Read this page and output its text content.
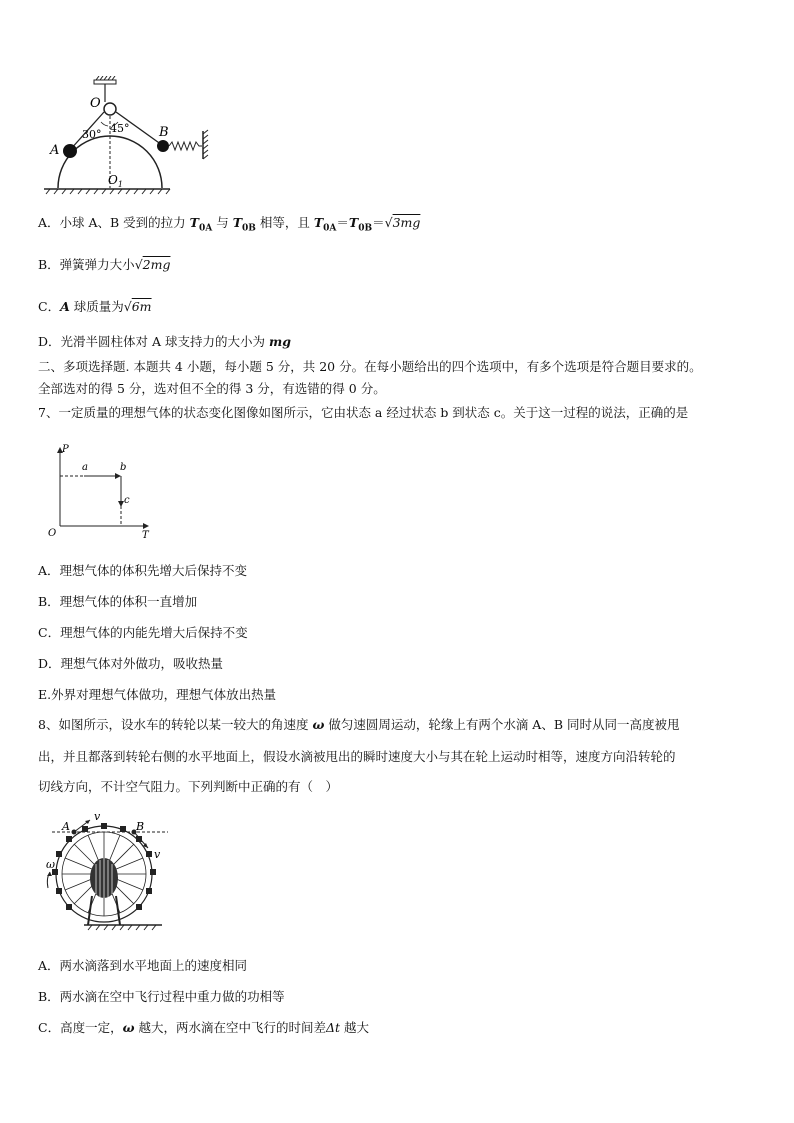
O
30° 45°
A
B
$O_1$
A．小球 A、B 受到的拉力 $T_{0A}$ 与 $T_{0B}$ 相等，且 $T_{0A}=T_{0B}=√3mg$
B．弹簧弹力大小√2mg
C．A 球质量为√6m
D．光滑半圆柱体对 A 球支持力的大小为 mg
二、多项选择题. 本题共 4 小题，每小题 5 分，共 20 分。在每小题给出的四个选项中，有多个选项是符合题目要求的。
全部选对的得 5 分，选对但不全的得 3 分，有选错的得 0 分。
7、一定质量的理想气体的状态变化图像如图所示，它由状态 a 经过状态 b 到状态 c。关于这一过程的说法，正确的是
P
T
O
a	b
c
A．理想气体的体积先增大后保持不变
B．理想气体的体积一直增加
C．理想气体的内能先增大后保持不变
D．理想气体对外做功，吸收热量
E.外界对理想气体做功，理想气体放出热量
8、如图所示，设水车的转轮以某一较大的角速度 ω 做匀速圆周运动，轮缘上有两个水滴 A、B 同时从同一高度被甩
出，并且都落到转轮右侧的水平地面上，假设水滴被甩出的瞬时速度大小与其在轮上运动时相等，速度方向沿转轮的
切线方向，不计空气阻力。下列判断中正确的有（　）
A	B
v
v
ω
A．两水滴落到水平地面上的速度相同
B．两水滴在空中飞行过程中重力做的功相等
C．高度一定，ω 越大，两水滴在空中飞行的时间差Δt 越大
